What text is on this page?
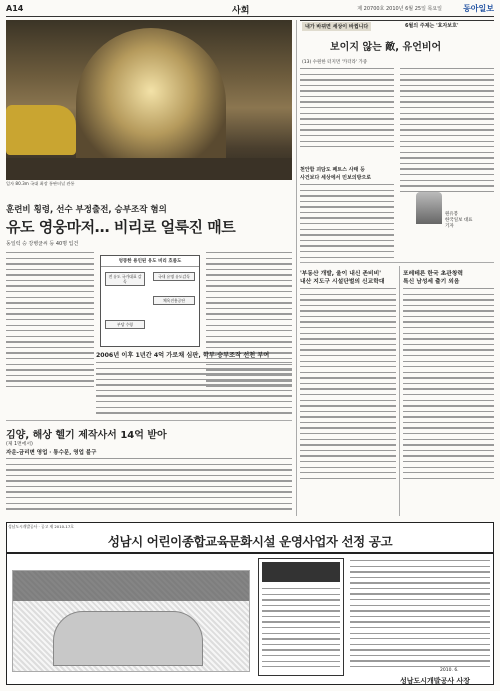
A14	사회	제 20700호 2010년 6월 25일 목요일	동아일보
일자 80.3m 국대 최장 통판터널 관통
훈련비 횡령, 선수 부정출전, 승부조작 혐의
유도 영웅마저… 비리로 얼룩진 매트
동일럭 승 강병균씨 등 40명 입건
엉뚱한 용인된 유도 비리 흐름도
전 유도 국가대표 감독
국내 유명 유도감독
체육진흥공단
부당 수령
2006년 이후 1년간 4억 가로채 심판, 학부·승부조작 선천 부여
김양, 해상 헬기 제작사서 14억 받아
(제 1면에서)
자운-금리변 영업 · 통수문, 영업 불구
내가 바뀌면 세상이 바뀝니다	6월의 주제는 '효자보호'
보이지 않는 敵, 유언비어
(13) 수원한 터지면 '카더라' 가중
천안함 괴담도 페트스 사태 등
사건보다 세상에서 민보의방으로
원유봉
한국일보 대표
기자
'부동산 개발, 울이 내신 존비비'
내산 지도구 시설단벌의 신교학대
포레테른 한국 초관창력
특신 남성세 출기 외음
성남도시개발공사 · 공고 제 2010-17호
성남시 어린이종합교육문화시설 운영사업자 선정 공고
2010. 6.
성남도시개발공사 사장
